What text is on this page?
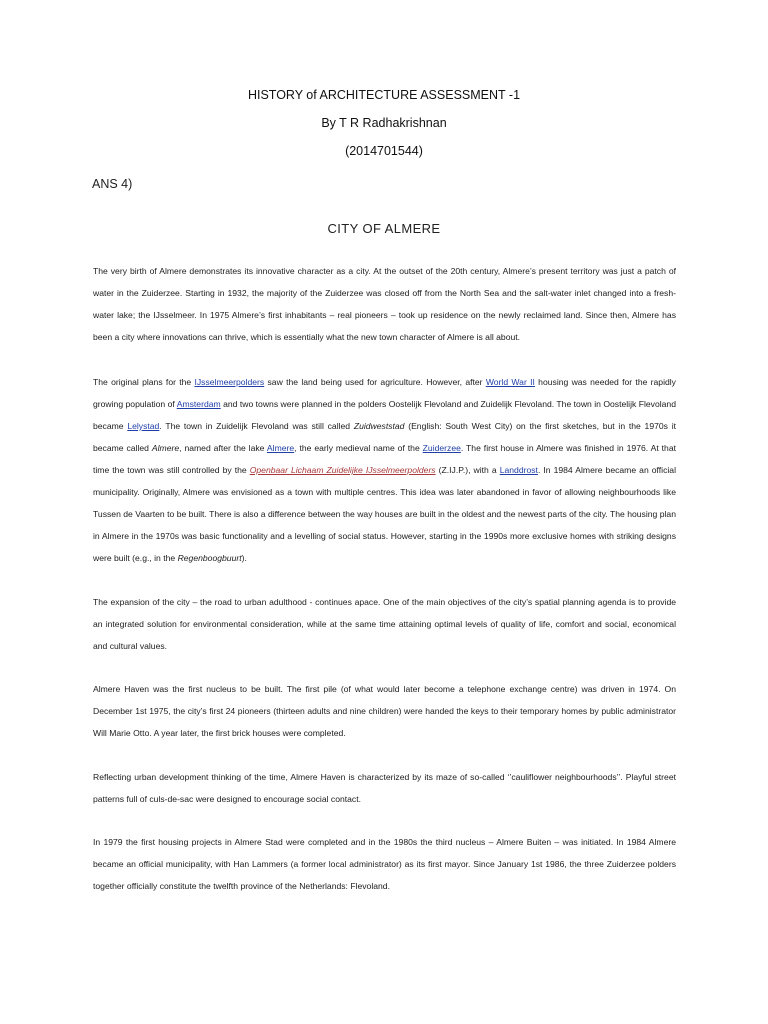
HISTORY of ARCHITECTURE ASSESSMENT -1
By T R Radhakrishnan
(2014701544)
ANS 4)
CITY OF ALMERE

The very birth of Almere demonstrates its innovative character as a city. At the outset of the 20th century, Almere’s present territory was just a patch of water in the Zuiderzee. Starting in 1932, the majority of the Zuiderzee was closed off from the North Sea and the salt-water inlet changed into a fresh- water lake; the IJsselmeer. In 1975 Almere’s first inhabitants – real pioneers – took up residence on the newly reclaimed land. Since then, Almere has been a city where innovations can thrive, which is essentially what the new town character of Almere is all about.

The original plans for the IJsselmeerpolders saw the land being used for agriculture. However, after World War II housing was needed for the rapidly growing population of Amsterdam and two towns were planned in the polders Oostelijk Flevoland and Zuidelijk Flevoland. The town in Oostelijk Flevoland became Lelystad. The town in Zuidelijk Flevoland was still called Zuidweststad (English: South West City) on the first sketches, but in the 1970s it became called Almere, named after the lake Almere, the early medieval name of the Zuiderzee. The first house in Almere was finished in 1976. At that time the town was still controlled by the Openbaar Lichaam Zuidelijke IJsselmeerpolders (Z.IJ.P.), with a Landdrost. In 1984 Almere became an official municipality. Originally, Almere was envisioned as a town with multiple centres. This idea was later abandoned in favor of allowing neighbourhoods like Tussen de Vaarten to be built. There is also a difference between the way houses are built in the oldest and the newest parts of the city. The housing plan in Almere in the 1970s was basic functionality and a levelling of social status. However, starting in the 1990s more exclusive homes with striking designs were built (e.g., in the Regenboogbuurt).

The expansion of the city – the road to urban adulthood - continues apace. One of the main objectives of the city’s spatial planning agenda is to provide an integrated solution for environmental consideration, while at the same time attaining optimal levels of quality of life, comfort and social, economical and cultural values.

Almere Haven was the first nucleus to be built. The first pile (of what would later become a telephone exchange centre) was driven in 1974. On December 1st 1975, the city’s first 24 pioneers (thirteen adults and nine children) were handed the keys to their temporary homes by public administrator Will Marie Otto. A year later, the first brick houses were completed.

Reflecting urban development thinking of the time, Almere Haven is characterized by its maze of so-called ‘’cauliflower neighbourhoods’’. Playful street patterns full of culs-de-sac were designed to encourage social contact.

In 1979 the first housing projects in Almere Stad were completed and in the 1980s the third nucleus – Almere Buiten – was initiated. In 1984 Almere became an official municipality, with Han Lammers (a former local administrator) as its first mayor. Since January 1st 1986, the three Zuiderzee polders together officially constitute the twelfth province of the Netherlands: Flevoland.
